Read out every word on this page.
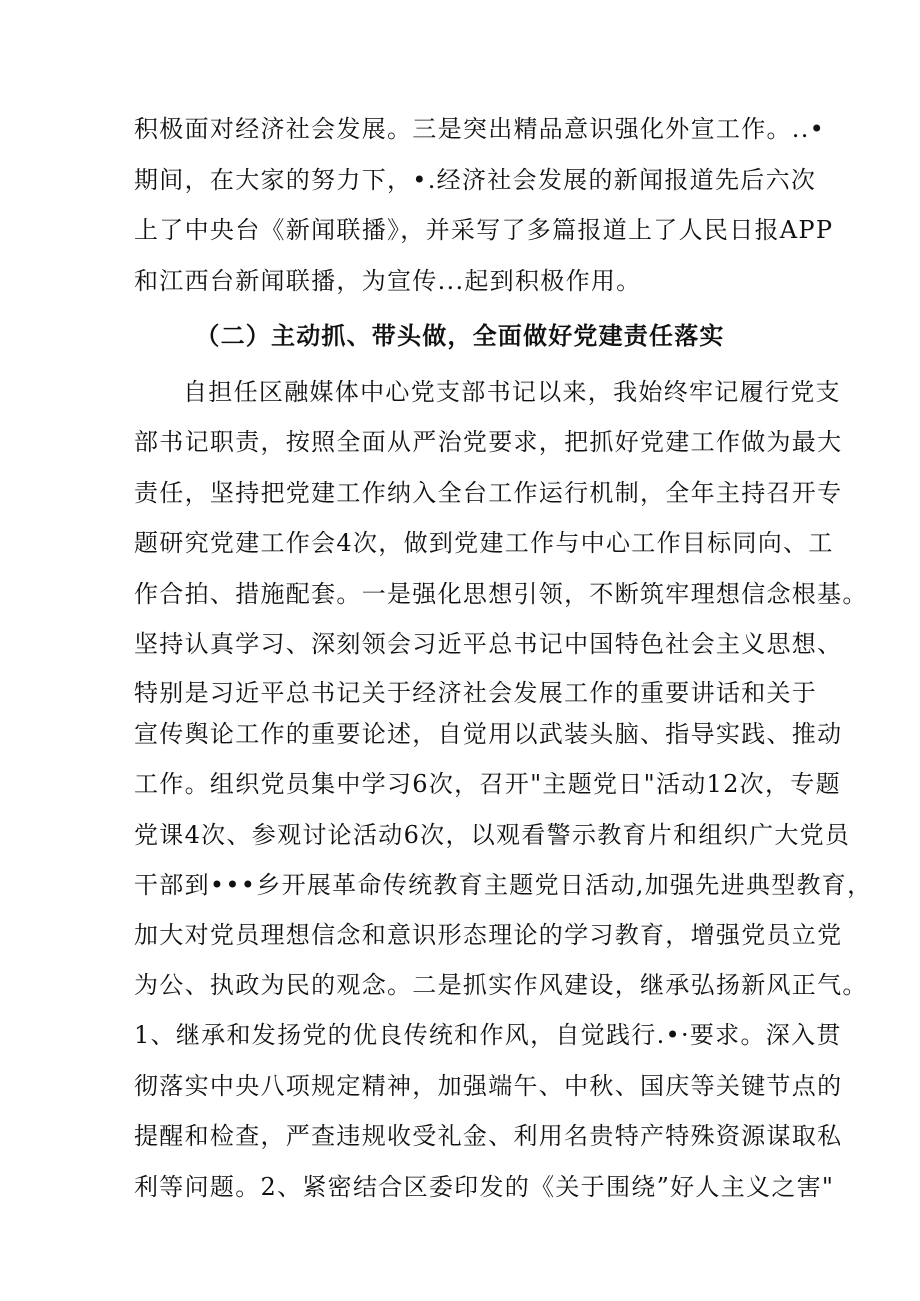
积极面对经济社会发展。三是突出精品意识强化外宣工作。..•
期间，在大家的努力下，•.经济社会发展的新闻报道先后六次
上了中央台《新闻联播》，并采写了多篇报道上了人民日报APP
和江西台新闻联播，为宣传...起到积极作用。
（二）主动抓、带头做，全面做好党建责任落实
自担任区融媒体中心党支部书记以来，我始终牢记履行党支
部书记职责，按照全面从严治党要求，把抓好党建工作做为最大
责任，坚持把党建工作纳入全台工作运行机制，全年主持召开专
题研究党建工作会4次，做到党建工作与中心工作目标同向、工
作合拍、措施配套。一是强化思想引领，不断筑牢理想信念根基。
坚持认真学习、深刻领会习近平总书记中国特色社会主义思想、
特别是习近平总书记关于经济社会发展工作的重要讲话和关于
宣传舆论工作的重要论述，自觉用以武装头脑、指导实践、推动
工作。组织党员集中学习6次，召开"主题党日"活动12次，专题
党课4次、参观讨论活动6次，以观看警示教育片和组织广大党员
干部到•••乡开展革命传统教育主题党日活动,加强先进典型教育，
加大对党员理想信念和意识形态理论的学习教育，增强党员立党
为公、执政为民的观念。二是抓实作风建设，继承弘扬新风正气。
1、继承和发扬党的优良传统和作风，自觉践行.•·要求。深入贯
彻落实中央八项规定精神，加强端午、中秋、国庆等关键节点的
提醒和检查，严查违规收受礼金、利用名贵特产特殊资源谋取私
利等问题。2、紧密结合区委印发的《关于围绕”好人主义之害"
